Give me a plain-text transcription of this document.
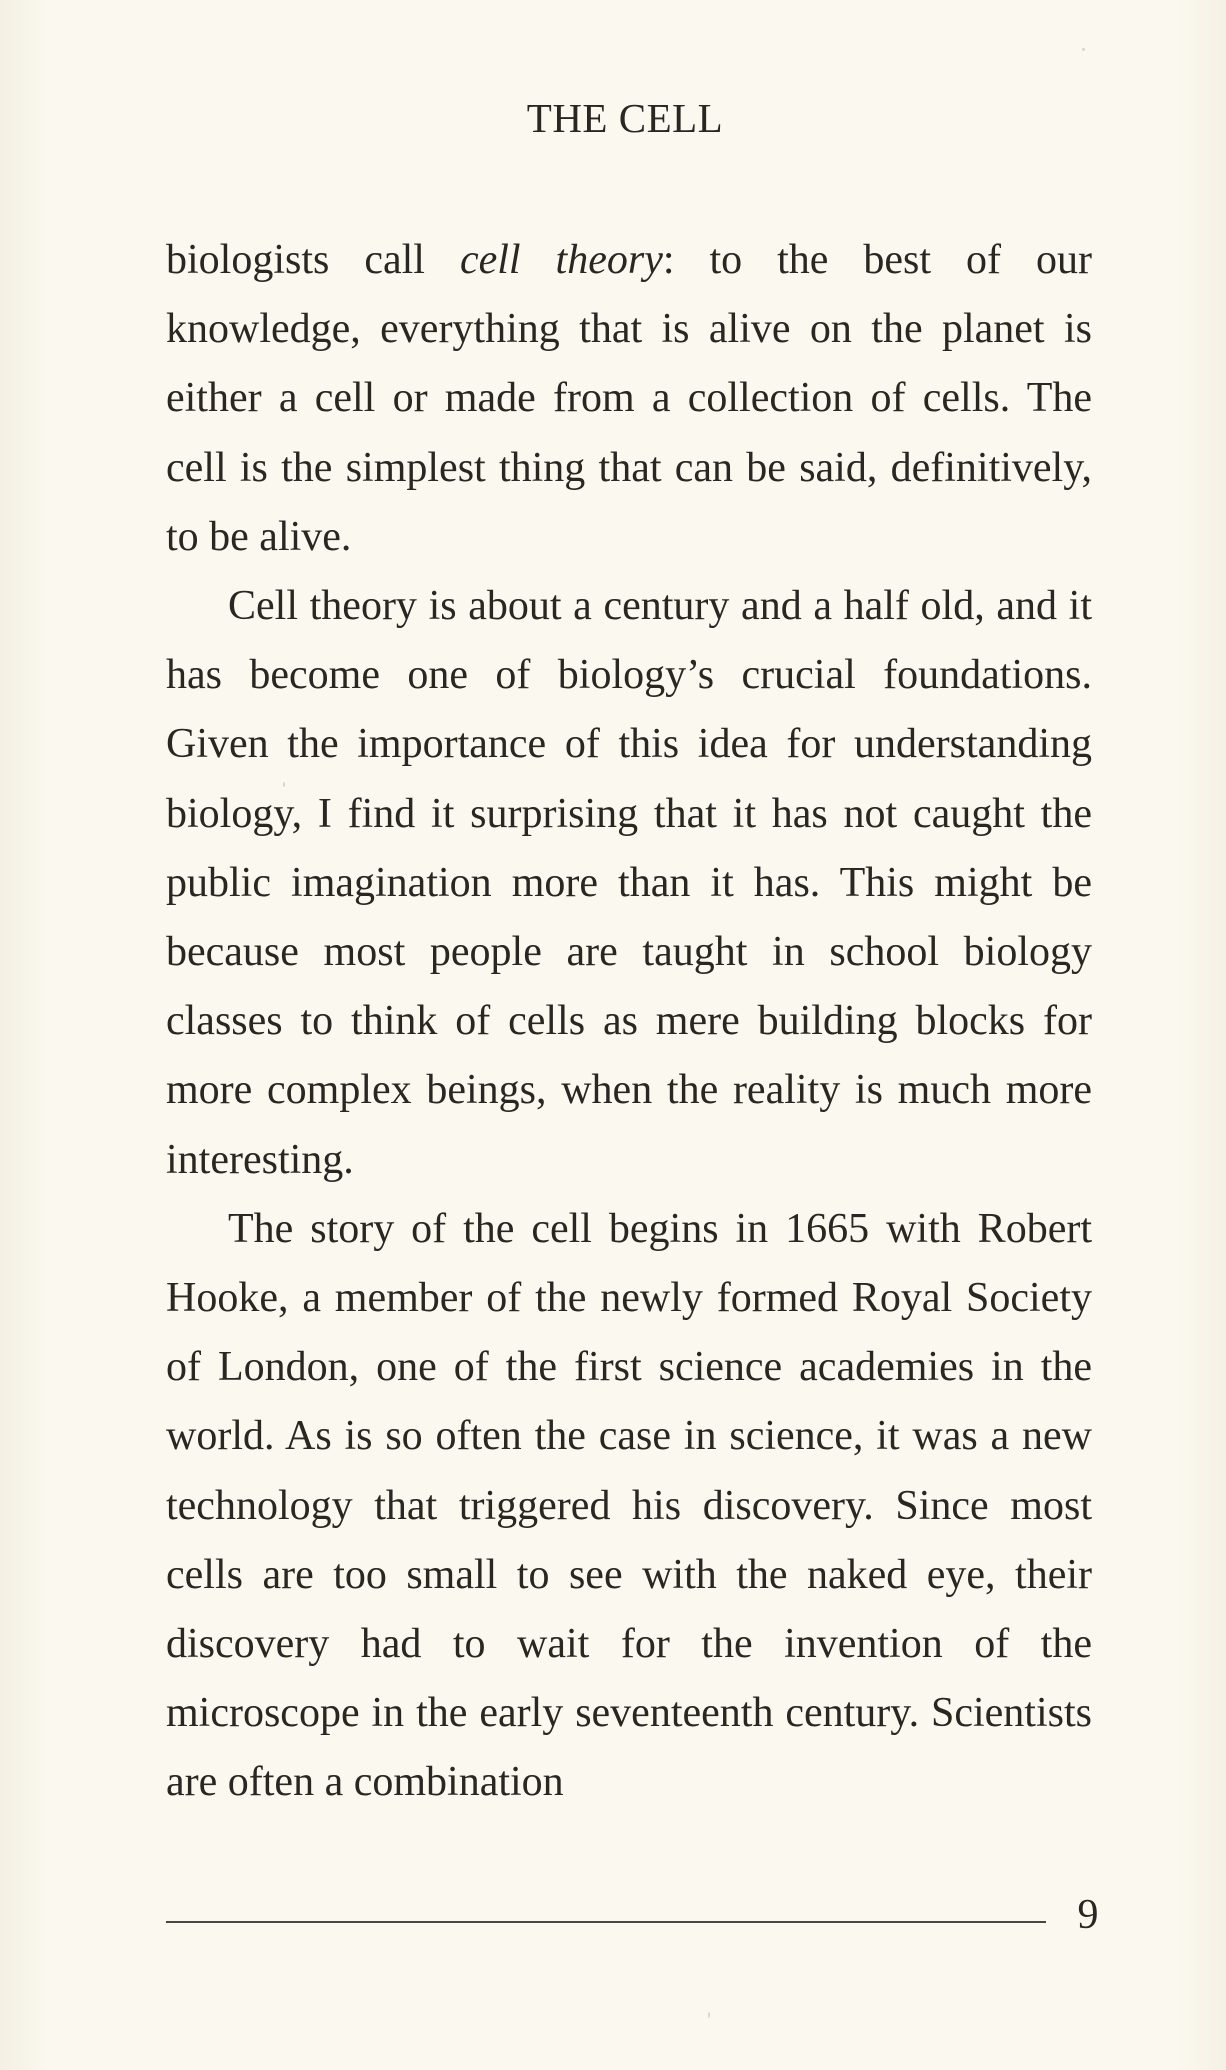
THE CELL

biologists call cell theory: to the best of our knowledge, everything that is alive on the planet is either a cell or made from a collection of cells. The cell is the simplest thing that can be said, definitively, to be alive.

Cell theory is about a century and a half old, and it has become one of biology’s crucial foundations. Given the importance of this idea for understanding biology, I find it surprising that it has not caught the public imagination more than it has. This might be because most people are taught in school biology classes to think of cells as mere building blocks for more complex beings, when the reality is much more interesting.

The story of the cell begins in 1665 with Robert Hooke, a member of the newly formed Royal Society of London, one of the first science academies in the world. As is so often the case in science, it was a new technology that triggered his discovery. Since most cells are too small to see with the naked eye, their discovery had to wait for the invention of the microscope in the early seventeenth century. Scientists are often a combination

9
